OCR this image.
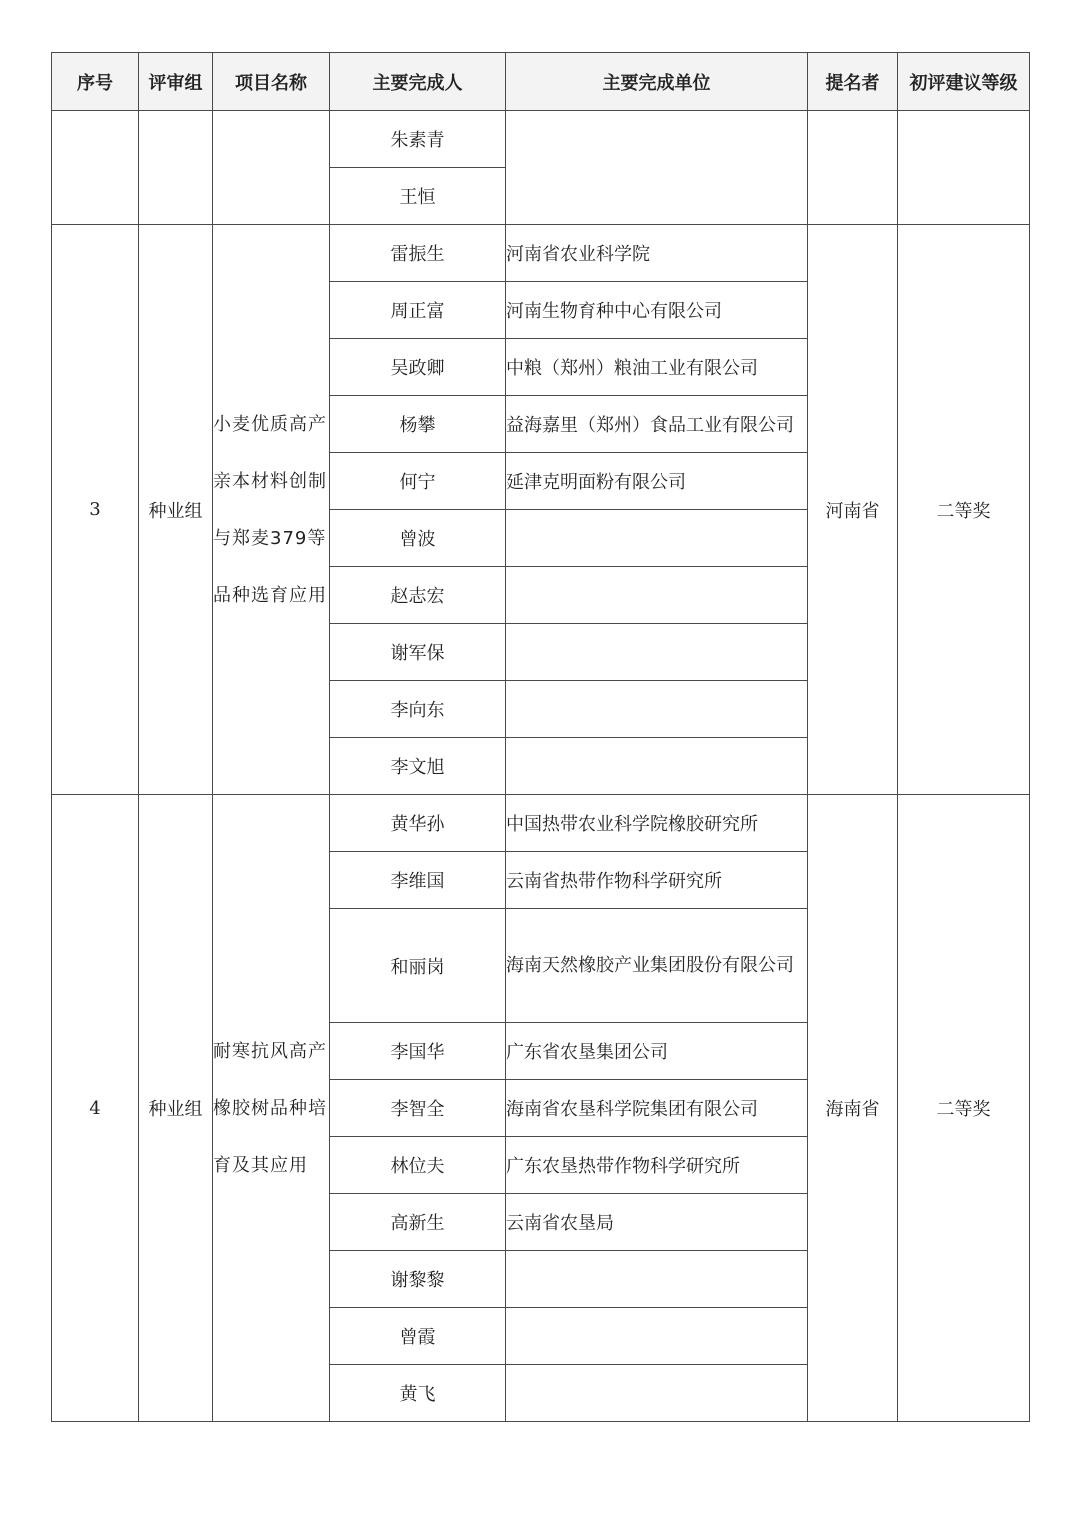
序号	评审组	项目名称	主要完成人	主要完成单位	提名者	初评建议等级
			朱素青			
			王恒			
3	种业组	小麦优质高产亲本材料创制与郑麦379等品种选育应用	雷振生	河南省农业科学院	河南省	二等奖
			周正富	河南生物育种中心有限公司		
			吴政卿	中粮（郑州）粮油工业有限公司		
			杨攀	益海嘉里（郑州）食品工业有限公司		
			何宁	延津克明面粉有限公司		
			曾波			
			赵志宏			
			谢军保			
			李向东			
			李文旭			
4	种业组	耐寒抗风高产橡胶树品种培育及其应用	黄华孙	中国热带农业科学院橡胶研究所	海南省	二等奖
			李维国	云南省热带作物科学研究所		
			和丽岗	海南天然橡胶产业集团股份有限公司		
			李国华	广东省农垦集团公司		
			李智全	海南省农垦科学院集团有限公司		
			林位夫	广东农垦热带作物科学研究所		
			高新生	云南省农垦局		
			谢黎黎			
			曾霞			
			黄飞			
